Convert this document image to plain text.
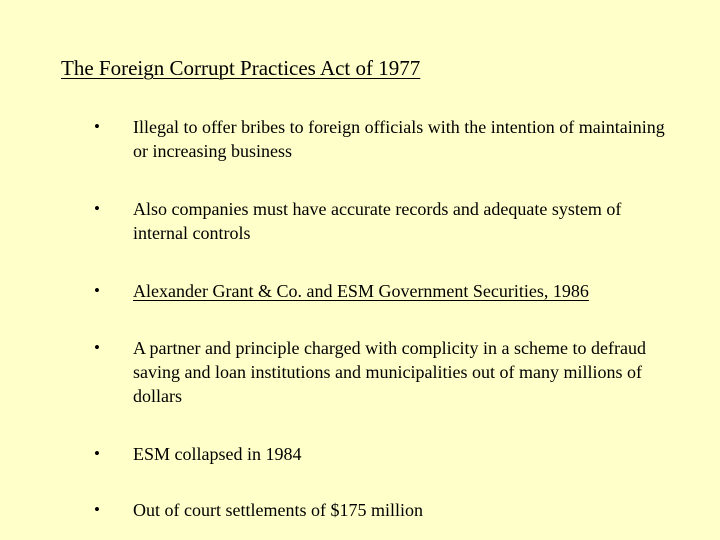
The Foreign Corrupt Practices Act of 1977
• Illegal to offer bribes to foreign officials with the intention of maintaining or increasing business
• Also companies must have accurate records and adequate system of internal controls
• Alexander Grant & Co. and ESM Government Securities, 1986
• A partner and principle charged with complicity in a scheme to defraud saving and loan institutions and municipalities out of many millions of dollars
• ESM collapsed in 1984
• Out of court settlements of $175 million
